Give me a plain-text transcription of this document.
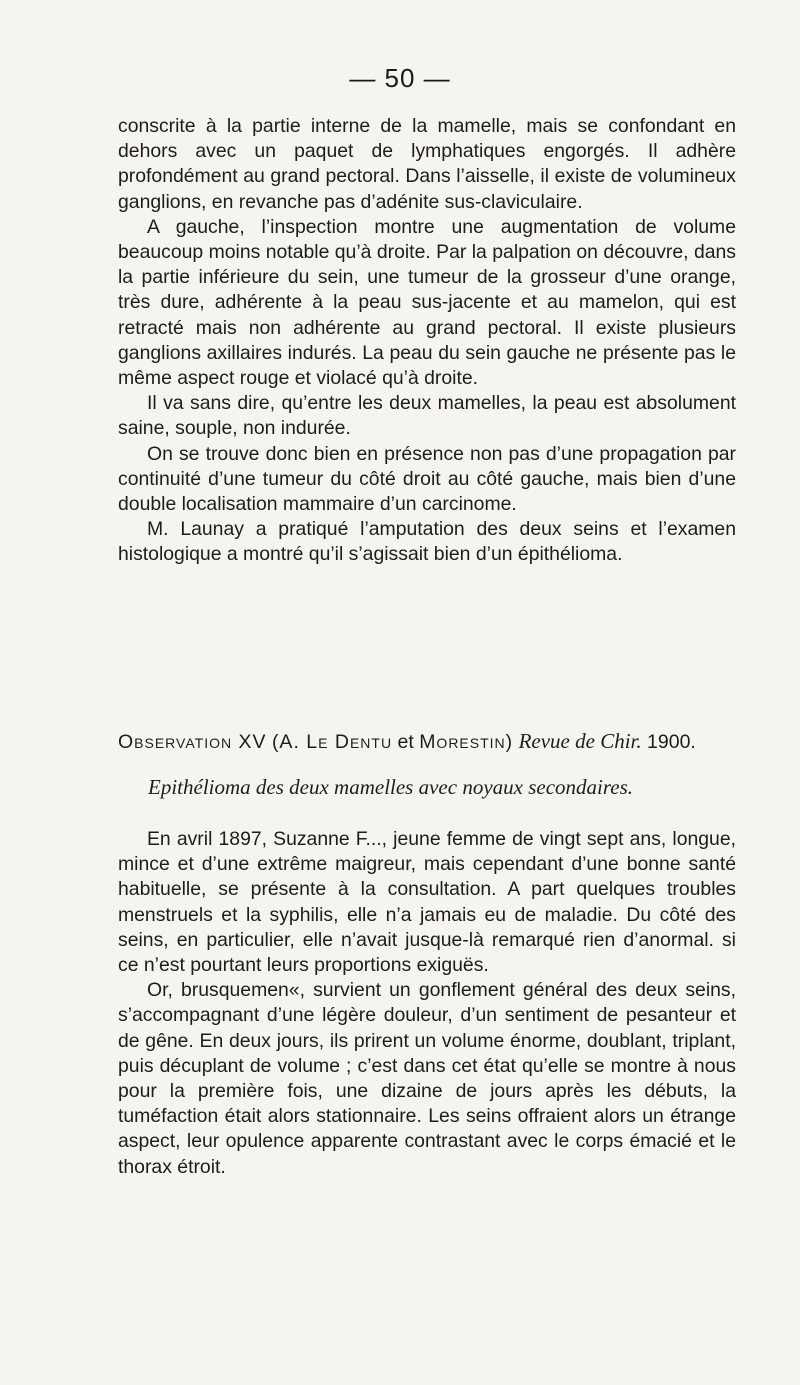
— 50 —

conscrite à la partie interne de la mamelle, mais se confondant en dehors avec un paquet de lymphatiques engorgés. Il adhère profondément au grand pectoral. Dans l’aisselle, il existe de volumineux ganglions, en revanche pas d’adénite sus-claviculaire.

A gauche, l’inspection montre une augmentation de volume beaucoup moins notable qu’à droite. Par la palpation on découvre, dans la partie inférieure du sein, une tumeur de la grosseur d’une orange, très dure, adhérente à la peau sus-jacente et au mamelon, qui est retracté mais non adhérente au grand pectoral. Il existe plusieurs ganglions axillaires indurés. La peau du sein gauche ne présente pas le même aspect rouge et violacé qu’à droite.

Il va sans dire, qu’entre les deux mamelles, la peau est absolument saine, souple, non indurée.

On se trouve donc bien en présence non pas d’une propagation par continuité d’une tumeur du côté droit au côté gauche, mais bien d’une double localisation mammaire d’un carcinome.

M. Launay a pratiqué l’amputation des deux seins et l’examen histologique a montré qu’il s’agissait bien d’un épithélioma.

Observation XV (A. Le Dentu et Morestin) Revue de Chir. 1900.
Epithélioma des deux mamelles avec noyaux secondaires.

En avril 1897, Suzanne F..., jeune femme de vingt sept ans, longue, mince et d’une extrême maigreur, mais cependant d’une bonne santé habituelle, se présente à la consultation. A part quelques troubles menstruels et la syphilis, elle n’a jamais eu de maladie. Du côté des seins, en particulier, elle n’avait jusque-là remarqué rien d’anormal. si ce n’est pourtant leurs proportions exiguës.

Or, brusquemen«, survient un gonflement général des deux seins, s’accompagnant d’une légère douleur, d’un sentiment de pesanteur et de gêne. En deux jours, ils prirent un volume énorme, doublant, triplant, puis décuplant de volume ; c’est dans cet état qu’elle se montre à nous pour la première fois, une dizaine de jours après les débuts, la tuméfaction était alors stationnaire. Les seins offraient alors un étrange aspect, leur opulence apparente contrastant avec le corps émacié et le thorax étroit.
